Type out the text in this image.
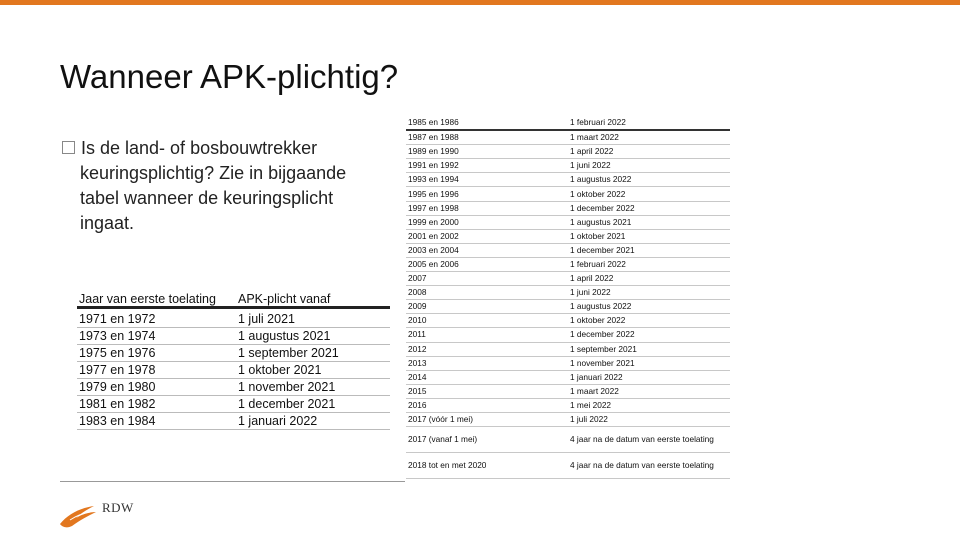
Wanneer APK-plichtig?
Is de land- of bosbouwtrekker
keuringsplichtig? Zie in bijgaande tabel wanneer de keuringsplicht ingaat.
Jaar van eerste toelating	APK-plicht vanaf
1971 en 1972	1 juli 2021
1973 en 1974	1 augustus 2021
1975 en 1976	1 september 2021
1977 en 1978	1 oktober 2021
1979 en 1980	1 november 2021
1981 en 1982	1 december 2021
1983 en 1984	1 januari 2022
1985 en 1986	1 februari 2022
1987 en 1988	1 maart 2022
1989 en 1990	1 april 2022
1991 en 1992	1 juni 2022
1993 en 1994	1 augustus 2022
1995 en 1996	1 oktober 2022
1997 en 1998	1 december 2022
1999 en 2000	1 augustus 2021
2001 en 2002	1 oktober 2021
2003 en 2004	1 december 2021
2005 en 2006	1 februari 2022
2007	1 april 2022
2008	1 juni 2022
2009	1 augustus 2022
2010	1 oktober 2022
2011	1 december 2022
2012	1 september 2021
2013	1 november 2021
2014	1 januari 2022
2015	1 maart 2022
2016	1 mei 2022
2017 (vóór 1 mei)	1 juli 2022
2017 (vanaf 1 mei)	4 jaar na de datum van eerste toelating
2018 tot en met 2020	4 jaar na de datum van eerste toelating
RDW
